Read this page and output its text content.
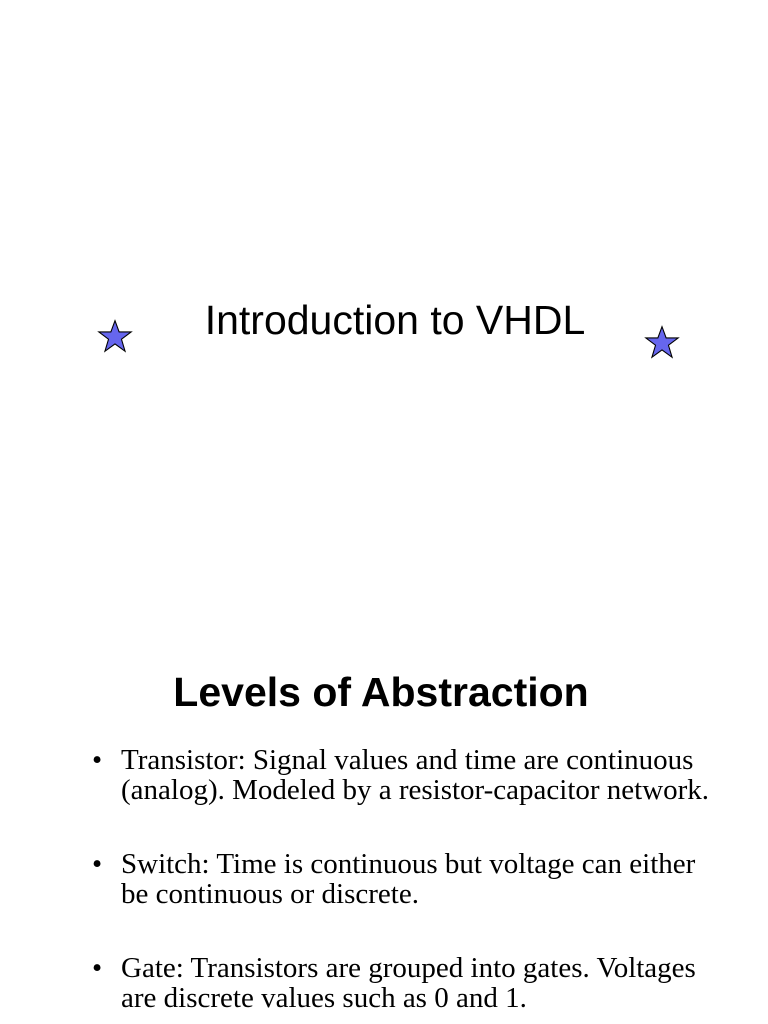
Introduction to VHDL
Levels of Abstraction
• Transistor: Signal values and time are continuous (analog). Modeled by a resistor-capacitor network.
• Switch: Time is continuous but voltage can either be continuous or discrete.
• Gate: Transistors are grouped into gates. Voltages are discrete values such as 0 and 1.
